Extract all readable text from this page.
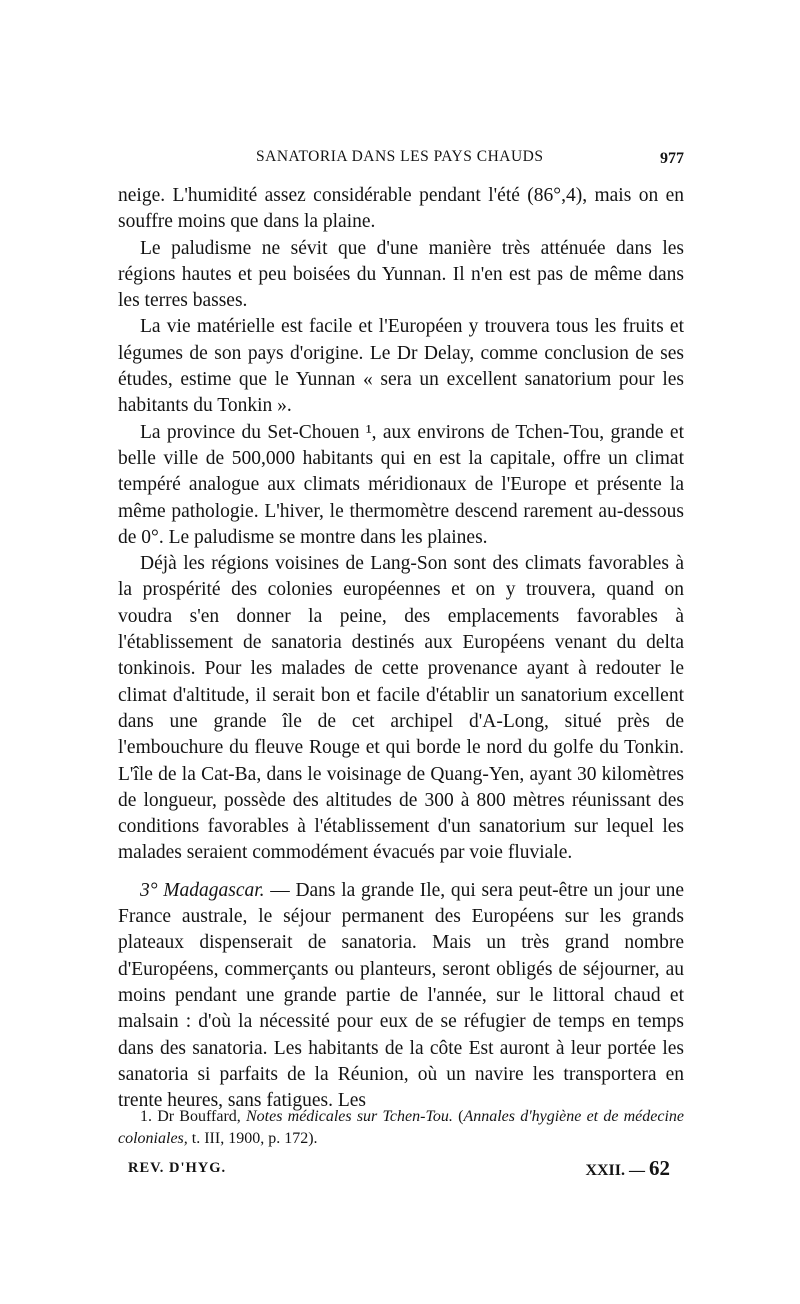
SANATORIA DANS LES PAYS CHAUDS	977

neige. L'humidité assez considérable pendant l'été (86°,4), mais on en souffre moins que dans la plaine.

Le paludisme ne sévit que d'une manière très atténuée dans les régions hautes et peu boisées du Yunnan. Il n'en est pas de même dans les terres basses.

La vie matérielle est facile et l'Européen y trouvera tous les fruits et légumes de son pays d'origine. Le Dr Delay, comme conclusion de ses études, estime que le Yunnan « sera un excellent sanatorium pour les habitants du Tonkin ».

La province du Set-Chouen ¹, aux environs de Tchen-Tou, grande et belle ville de 500,000 habitants qui en est la capitale, offre un climat tempéré analogue aux climats méridionaux de l'Europe et présente la même pathologie. L'hiver, le thermomètre descend rarement au-dessous de 0°. Le paludisme se montre dans les plaines.

Déjà les régions voisines de Lang-Son sont des climats favorables à la prospérité des colonies européennes et on y trouvera, quand on voudra s'en donner la peine, des emplacements favorables à l'établissement de sanatoria destinés aux Européens venant du delta tonkinois. Pour les malades de cette provenance ayant à redouter le climat d'altitude, il serait bon et facile d'établir un sanatorium excellent dans une grande île de cet archipel d'A-Long, situé près de l'embouchure du fleuve Rouge et qui borde le nord du golfe du Tonkin. L'île de la Cat-Ba, dans le voisinage de Quang-Yen, ayant 30 kilomètres de longueur, possède des altitudes de 300 à 800 mètres réunissant des conditions favorables à l'établissement d'un sanatorium sur lequel les malades seraient commodément évacués par voie fluviale.

3° Madagascar. — Dans la grande Ile, qui sera peut-être un jour une France australe, le séjour permanent des Européens sur les grands plateaux dispenserait de sanatoria. Mais un très grand nombre d'Européens, commerçants ou planteurs, seront obligés de séjourner, au moins pendant une grande partie de l'année, sur le littoral chaud et malsain : d'où la nécessité pour eux de se réfugier de temps en temps dans des sanatoria. Les habitants de la côte Est auront à leur portée les sanatoria si parfaits de la Réunion, où un navire les transportera en trente heures, sans fatigues. Les

1. Dr Bouffard, Notes médicales sur Tchen-Tou. (Annales d'hygiène et de médecine coloniales, t. III, 1900, p. 172).

REV. D'HYG.	XXII. — 62
